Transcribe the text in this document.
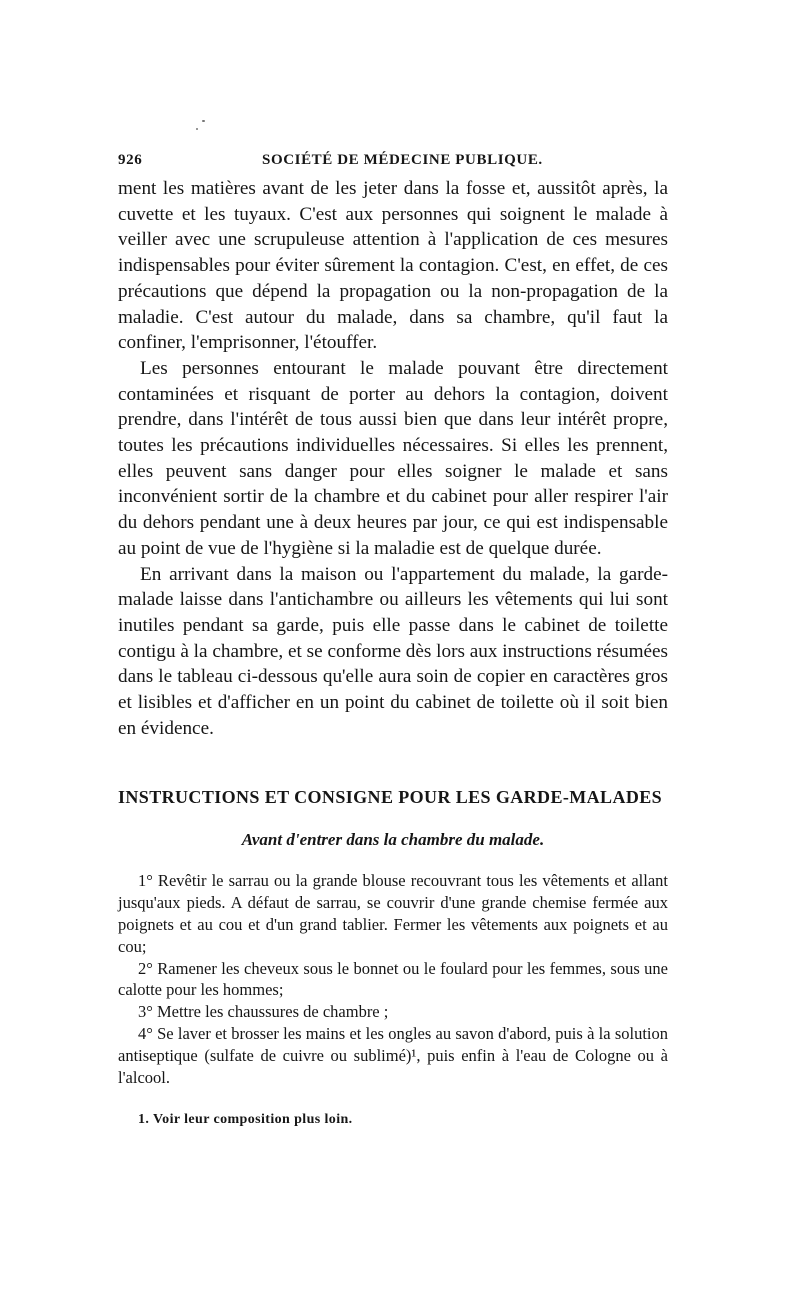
926	SOCIÉTÉ DE MÉDECINE PUBLIQUE.

ment les matières avant de les jeter dans la fosse et, aussitôt après, la cuvette et les tuyaux. C'est aux personnes qui soignent le malade à veiller avec une scrupuleuse attention à l'application de ces mesures indispensables pour éviter sûrement la contagion. C'est, en effet, de ces précautions que dépend la propagation ou la non-propagation de la maladie. C'est autour du malade, dans sa chambre, qu'il faut la confiner, l'emprisonner, l'étouffer.

Les personnes entourant le malade pouvant être directement contaminées et risquant de porter au dehors la contagion, doivent prendre, dans l'intérêt de tous aussi bien que dans leur intérêt propre, toutes les précautions individuelles nécessaires. Si elles les prennent, elles peuvent sans danger pour elles soigner le malade et sans inconvénient sortir de la chambre et du cabinet pour aller respirer l'air du dehors pendant une à deux heures par jour, ce qui est indispensable au point de vue de l'hygiène si la maladie est de quelque durée.

En arrivant dans la maison ou l'appartement du malade, la garde-malade laisse dans l'antichambre ou ailleurs les vêtements qui lui sont inutiles pendant sa garde, puis elle passe dans le cabinet de toilette contigu à la chambre, et se conforme dès lors aux instructions résumées dans le tableau ci-dessous qu'elle aura soin de copier en caractères gros et lisibles et d'afficher en un point du cabinet de toilette où il soit bien en évidence.

INSTRUCTIONS ET CONSIGNE POUR LES GARDE-MALADES
Avant d'entrer dans la chambre du malade.

1° Revêtir le sarrau ou la grande blouse recouvrant tous les vêtements et allant jusqu'aux pieds. A défaut de sarrau, se couvrir d'une grande chemise fermée aux poignets et au cou et d'un grand tablier. Fermer les vêtements aux poignets et au cou;

2° Ramener les cheveux sous le bonnet ou le foulard pour les femmes, sous une calotte pour les hommes;

3° Mettre les chaussures de chambre ;

4° Se laver et brosser les mains et les ongles au savon d'abord, puis à la solution antiseptique (sulfate de cuivre ou sublimé)¹, puis enfin à l'eau de Cologne ou à l'alcool.

1. Voir leur composition plus loin.
